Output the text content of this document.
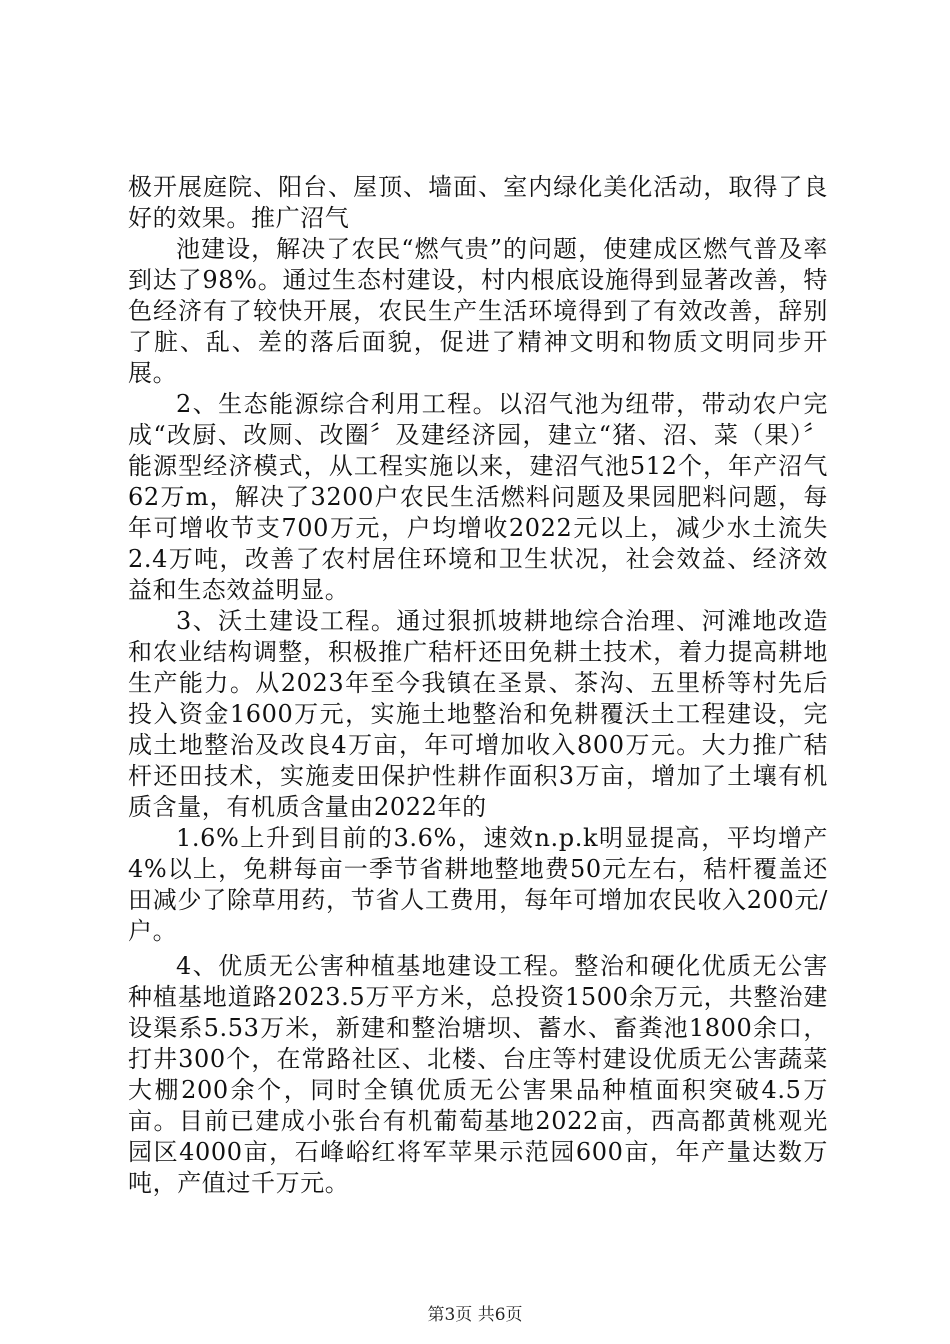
极开展庭院、阳台、屋顶、墙面、室内绿化美化活动，取得了良好的效果。推广沼气

池建设，解决了农民“燃气贵”的问题，使建成区燃气普及率到达了98%。通过生态村建设，村内根底设施得到显著改善，特色经济有了较快开展，农民生产生活环境得到了有效改善，辞别了脏、乱、差的落后面貌，促进了精神文明和物质文明同步开展。

2、生态能源综合利用工程。以沼气池为纽带，带动农户完成“改厨、改厕、改圈〞及建经济园，建立“猪、沼、菜（果）〞能源型经济模式，从工程实施以来，建沼气池512个，年产沼气62万m，解决了3200户农民生活燃料问题及果园肥料问题，每年可增收节支700万元，户均增收2022元以上，减少水土流失2.4万吨，改善了农村居住环境和卫生状况，社会效益、经济效益和生态效益明显。

3、沃土建设工程。通过狠抓坡耕地综合治理、河滩地改造和农业结构调整，积极推广秸杆还田免耕土技术，着力提高耕地生产能力。从2023年至今我镇在圣景、茶沟、五里桥等村先后投入资金1600万元，实施土地整治和免耕覆沃土工程建设，完成土地整治及改良4万亩，年可增加收入800万元。大力推广秸杆还田技术，实施麦田保护性耕作面积3万亩，增加了土壤有机质含量，有机质含量由2022年的

1.6%上升到目前的3.6%，速效n.p.k明显提高，平均增产4%以上，免耕每亩一季节省耕地整地费50元左右，秸杆覆盖还田减少了除草用药，节省人工费用，每年可增加农民收入200元/户。

4、优质无公害种植基地建设工程。整治和硬化优质无公害种植基地道路2023.5万平方米，总投资1500余万元，共整治建设渠系5.53万米，新建和整治塘坝、蓄水、畜粪池1800余口，打井300个，在常路社区、北楼、台庄等村建设优质无公害蔬菜大棚200余个，同时全镇优质无公害果品种植面积突破4.5万亩。目前已建成小张台有机葡萄基地2022亩，西高都黄桃观光园区4000亩，石峰峪红将军苹果示范园600亩，年产量达数万吨，产值过千万元。

第3页 共6页
